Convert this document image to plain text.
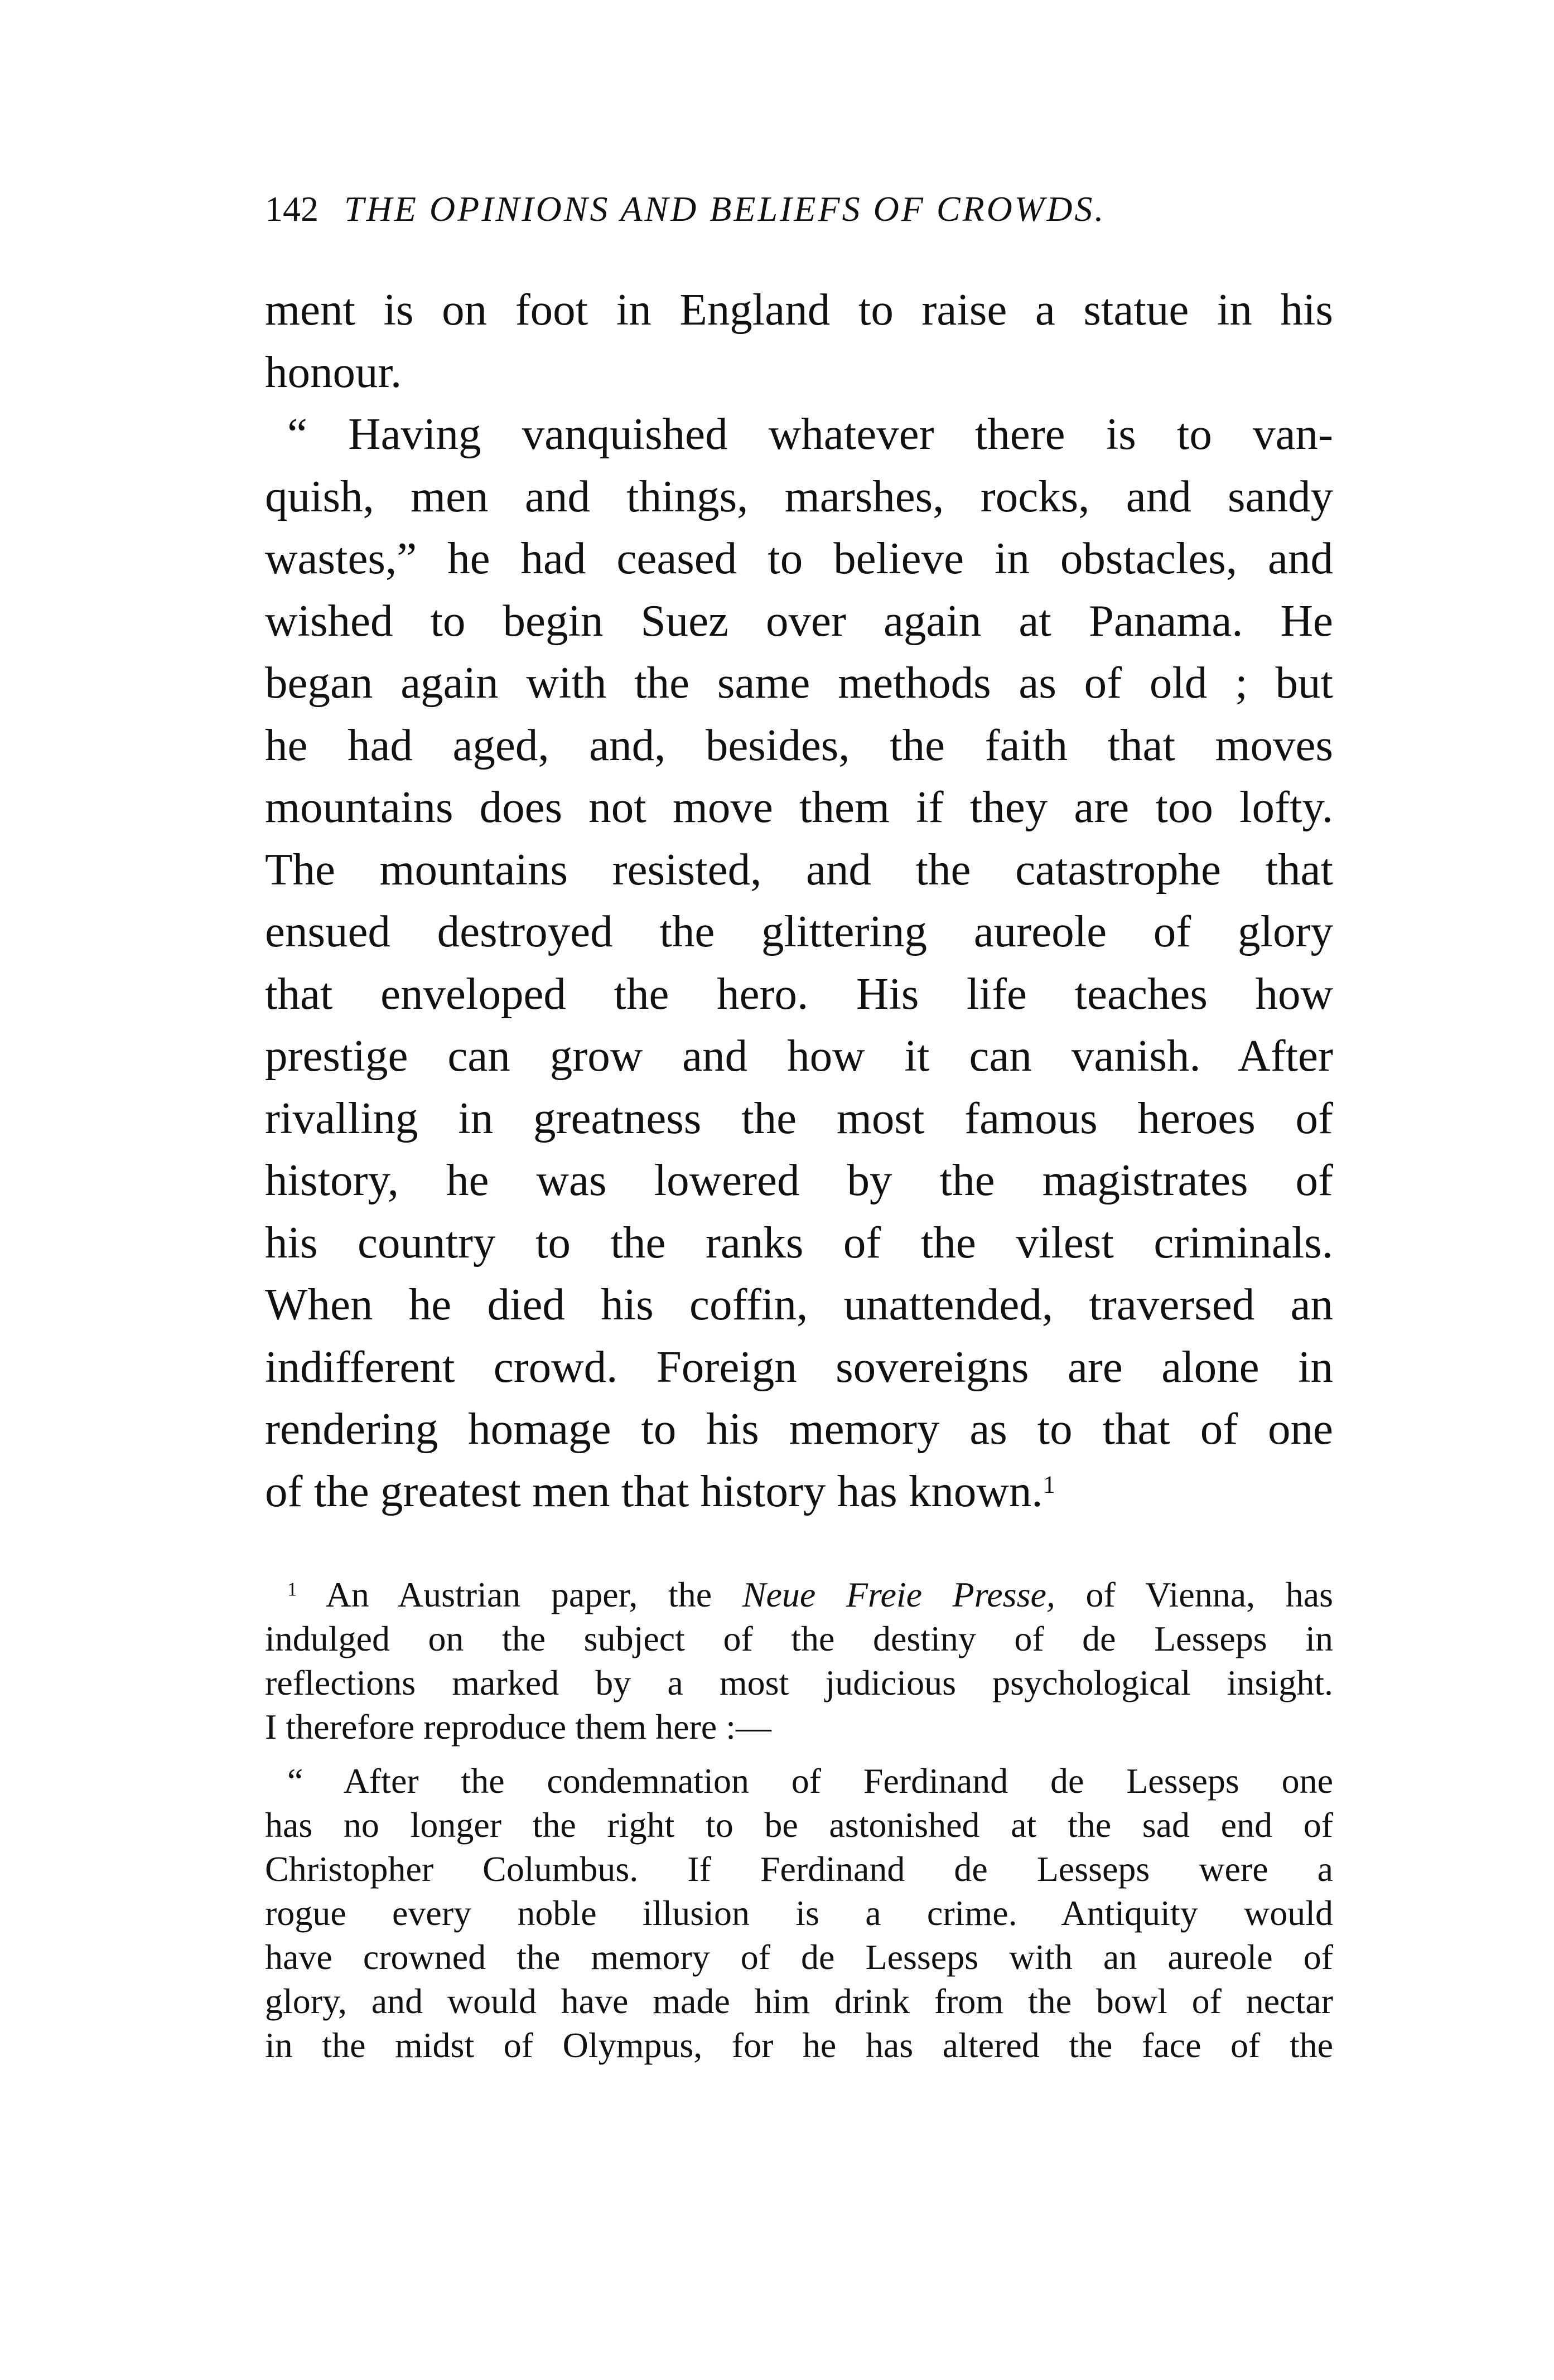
142 THE OPINIONS AND BELIEFS OF CROWDS.
ment is on foot in England to raise a statue in his
honour.
“ Having vanquished whatever there is to van-
quish, men and things, marshes, rocks, and sandy
wastes,” he had ceased to believe in obstacles, and
wished to begin Suez over again at Panama. He
began again with the same methods as of old ; but
he had aged, and, besides, the faith that moves
mountains does not move them if they are too lofty.
The mountains resisted, and the catastrophe that
ensued destroyed the glittering aureole of glory
that enveloped the hero. His life teaches how
prestige can grow and how it can vanish. After
rivalling in greatness the most famous heroes of
history, he was lowered by the magistrates of
his country to the ranks of the vilest criminals.
When he died his coffin, unattended, traversed an
indifferent crowd. Foreign sovereigns are alone in
rendering homage to his memory as to that of one
of the greatest men that history has known.$^1$
$^1$ An Austrian paper, the Neue Freie Presse, of Vienna, has
indulged on the subject of the destiny of de Lesseps in
reflections marked by a most judicious psychological insight.
I therefore reproduce them here :—
“ After the condemnation of Ferdinand de Lesseps one
has no longer the right to be astonished at the sad end of
Christopher Columbus. If Ferdinand de Lesseps were a
rogue every noble illusion is a crime. Antiquity would
have crowned the memory of de Lesseps with an aureole of
glory, and would have made him drink from the bowl of nectar
in the midst of Olympus, for he has altered the face of the
